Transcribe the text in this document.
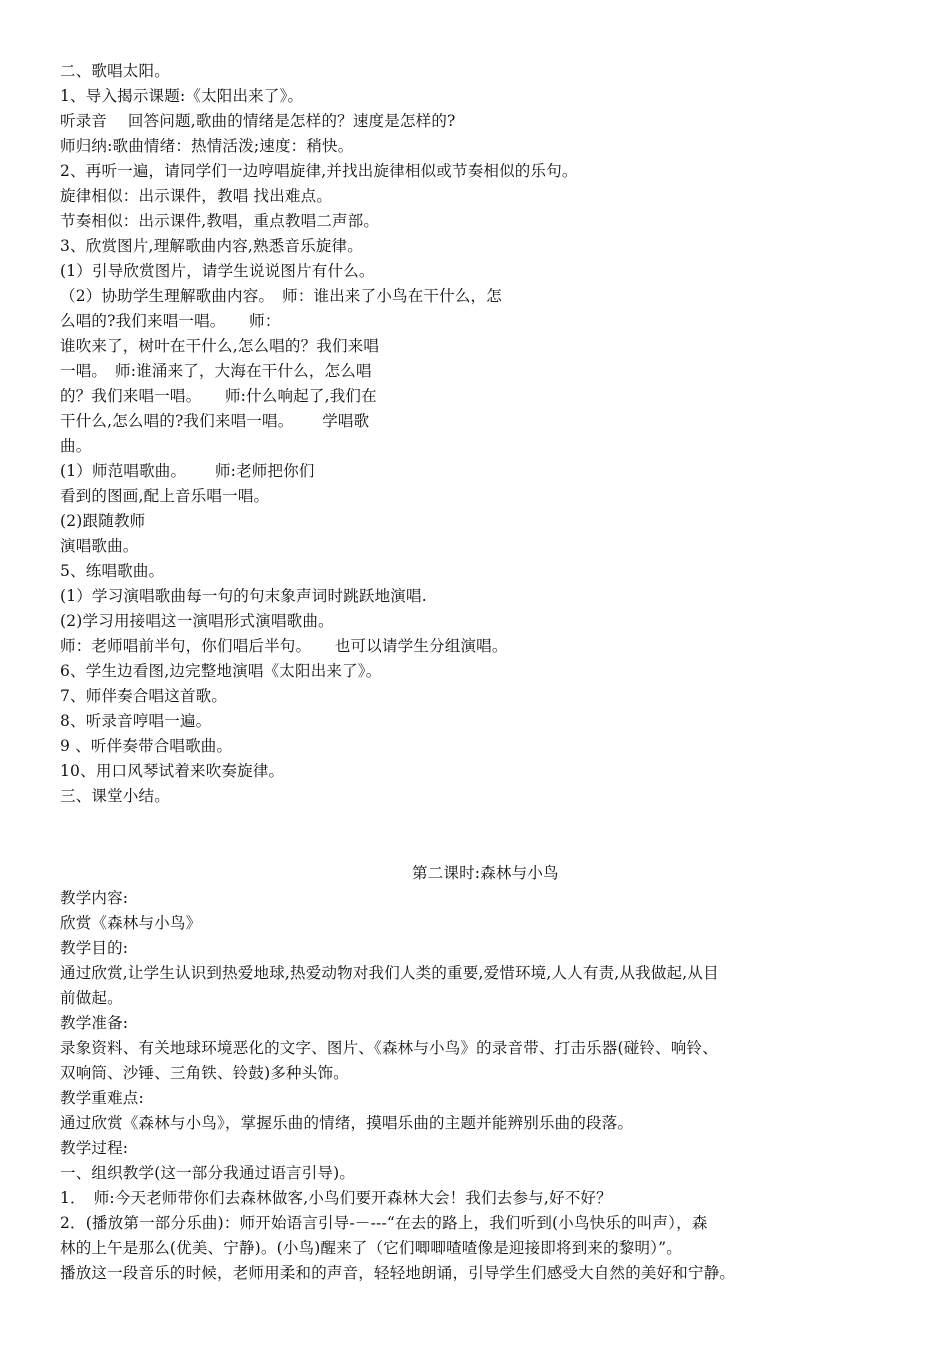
二、歌唱太阳。
1、导入揭示课题:《太阳出来了》。
听录音　 回答问题,歌曲的情绪是怎样的？速度是怎样的?
师归纳:歌曲情绪：热情活泼;速度：稍快。
2、再听一遍，请同学们一边哼唱旋律,并找出旋律相似或节奏相似的乐句。
旋律相似：出示课件，教唱 找出难点。
节奏相似：出示课件,教唱，重点教唱二声部。
3、欣赏图片,理解歌曲内容,熟悉音乐旋律。
(1）引导欣赏图片，请学生说说图片有什么。
（2）协助学生理解歌曲内容。　师：谁出来了小鸟在干什么，怎
么唱的?我们来唱一唱。　　师：
谁吹来了，树叶在干什么,怎么唱的？我们来唱
一唱。　师:谁涌来了，大海在干什么，怎么唱
的？我们来唱一唱。　　师:什么响起了,我们在
干什么,怎么唱的?我们来唱一唱。　　 学唱歌
曲。
(1）师范唱歌曲。　　 师:老师把你们
看到的图画,配上音乐唱一唱。
(2)跟随教师
演唱歌曲。
5、练唱歌曲。
(1）学习演唱歌曲每一句的句末象声词时跳跃地演唱.
(2)学习用接唱这一演唱形式演唱歌曲。
师：老师唱前半句，你们唱后半句。　　也可以请学生分组演唱。
6、学生边看图,边完整地演唱《太阳出来了》。
7、师伴奏合唱这首歌。
8、听录音哼唱一遍。
9 、听伴奏带合唱歌曲。
10、用口风琴试着来吹奏旋律。
三、课堂小结。
第二课时:森林与小鸟
教学内容:
欣赏《森林与小鸟》
教学目的:
通过欣赏,让学生认识到热爱地球,热爱动物对我们人类的重要,爱惜环境,人人有责,从我做起,从目
前做起。
教学准备:
录象资料、有关地球环境恶化的文字、图片、《森林与小鸟》的录音带、打击乐器(碰铃、响铃、
双响筒、沙锤、三角铁、铃鼓)多种头饰。
教学重难点:
通过欣赏《森林与小鸟》，掌握乐曲的情绪，摸唱乐曲的主题并能辨别乐曲的段落。
教学过程:
一、组织教学(这一部分我通过语言引导)。
1．　师:今天老师带你们去森林做客,小鸟们要开森林大会！我们去参与,好不好？
2．(播放第一部分乐曲)：师开始语言引导-－---“在去的路上，我们听到(小鸟快乐的叫声），森
林的上午是那么(优美、宁静)。(小鸟)醒来了（它们唧唧喳喳像是迎接即将到来的黎明）”。
播放这一段音乐的时候，老师用柔和的声音，轻轻地朗诵，引导学生们感受大自然的美好和宁静。
